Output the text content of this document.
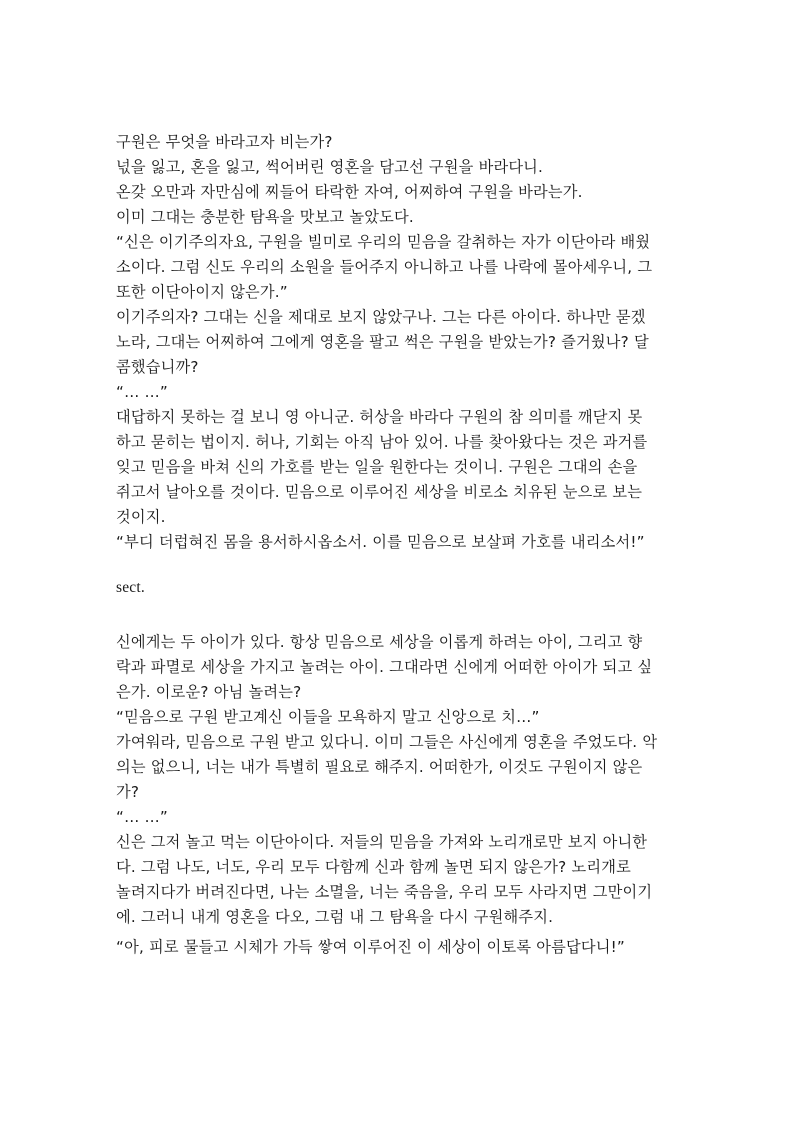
구원은 무엇을 바라고자 비는가?

넋을 잃고, 혼을 잃고, 썩어버린 영혼을 담고선 구원을 바라다니.

온갖 오만과 자만심에 찌들어 타락한 자여, 어찌하여 구원을 바라는가.

이미 그대는 충분한 탐욕을 맛보고 놀았도다.

“신은 이기주의자요, 구원을 빌미로 우리의 믿음을 갈취하는 자가 이단아라 배웠
소이다. 그럼 신도 우리의 소원을 들어주지 아니하고 나를 나락에 몰아세우니, 그
또한 이단아이지 않은가.”

이기주의자? 그대는 신을 제대로 보지 않았구나. 그는 다른 아이다. 하나만 묻겠
노라, 그대는 어찌하여 그에게 영혼을 팔고 썩은 구원을 받았는가? 즐거웠나? 달
콤했습니까?

“… …”

대답하지 못하는 걸 보니 영 아니군. 허상을 바라다 구원의 참 의미를 깨닫지 못
하고 묻히는 법이지. 허나, 기회는 아직 남아 있어. 나를 찾아왔다는 것은 과거를
잊고 믿음을 바쳐 신의 가호를 받는 일을 원한다는 것이니. 구원은 그대의 손을
쥐고서 날아오를 것이다. 믿음으로 이루어진 세상을 비로소 치유된 눈으로 보는
것이지.

“부디 더럽혀진 몸을 용서하시옵소서. 이를 믿음으로 보살펴 가호를 내리소서!”

sect.

신에게는 두 아이가 있다. 항상 믿음으로 세상을 이롭게 하려는 아이, 그리고 향
락과 파멸로 세상을 가지고 놀려는 아이. 그대라면 신에게 어떠한 아이가 되고 싶
은가. 이로운? 아님 놀려는?

“믿음으로 구원 받고계신 이들을 모욕하지 말고 신앙으로 치…”

가여워라, 믿음으로 구원 받고 있다니. 이미 그들은 사신에게 영혼을 주었도다. 악
의는 없으니, 너는 내가 특별히 필요로 해주지. 어떠한가, 이것도 구원이지 않은
가?

“… …”

신은 그저 놀고 먹는 이단아이다. 저들의 믿음을 가져와 노리개로만 보지 아니한
다. 그럼 나도, 너도, 우리 모두 다함께 신과 함께 놀면 되지 않은가? 노리개로
놀려지다가 버려진다면, 나는 소멸을, 너는 죽음을, 우리 모두 사라지면 그만이기
에. 그러니 내게 영혼을 다오, 그럼 내 그 탐욕을 다시 구원해주지.

“아, 피로 물들고 시체가 가득 쌓여 이루어진 이 세상이 이토록 아름답다니!”
